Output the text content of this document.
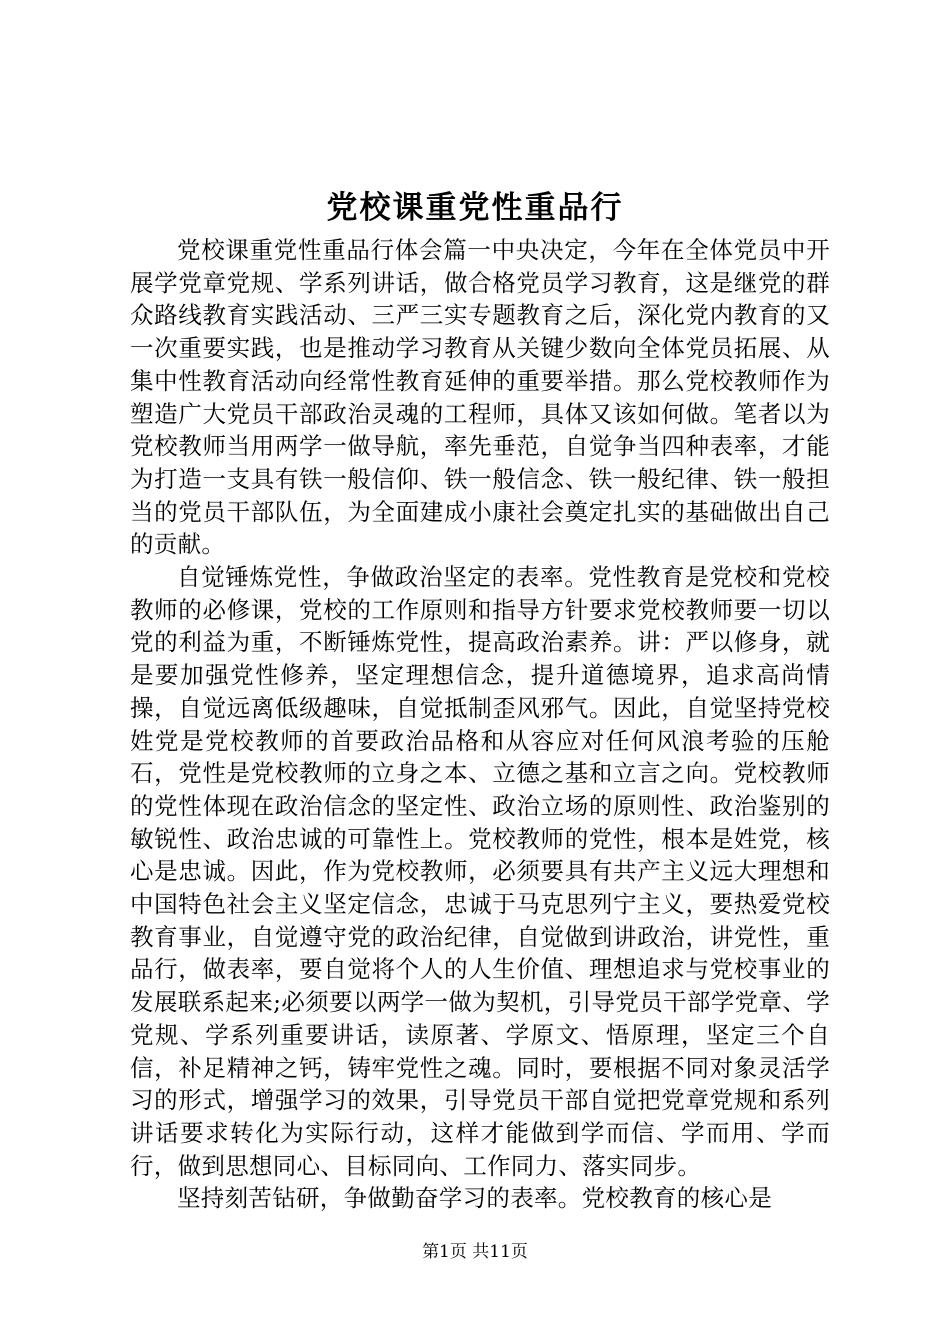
党校课重党性重品行

党校课重党性重品行体会篇一中央决定，今年在全体党员中开展学党章党规、学系列讲话，做合格党员学习教育，这是继党的群众路线教育实践活动、三严三实专题教育之后，深化党内教育的又一次重要实践，也是推动学习教育从关键少数向全体党员拓展、从集中性教育活动向经常性教育延伸的重要举措。那么党校教师作为塑造广大党员干部政治灵魂的工程师，具体又该如何做。笔者以为党校教师当用两学一做导航，率先垂范，自觉争当四种表率，才能为打造一支具有铁一般信仰、铁一般信念、铁一般纪律、铁一般担当的党员干部队伍，为全面建成小康社会奠定扎实的基础做出自己的贡献。

自觉锤炼党性，争做政治坚定的表率。党性教育是党校和党校教师的必修课，党校的工作原则和指导方针要求党校教师要一切以党的利益为重，不断锤炼党性，提高政治素养。讲：严以修身，就是要加强党性修养，坚定理想信念，提升道德境界，追求高尚情操，自觉远离低级趣味，自觉抵制歪风邪气。因此，自觉坚持党校姓党是党校教师的首要政治品格和从容应对任何风浪考验的压舱石，党性是党校教师的立身之本、立德之基和立言之向。党校教师的党性体现在政治信念的坚定性、政治立场的原则性、政治鉴别的敏锐性、政治忠诚的可靠性上。党校教师的党性，根本是姓党，核心是忠诚。因此，作为党校教师，必须要具有共产主义远大理想和中国特色社会主义坚定信念，忠诚于马克思列宁主义，要热爱党校教育事业，自觉遵守党的政治纪律，自觉做到讲政治，讲党性，重品行，做表率，要自觉将个人的人生价值、理想追求与党校事业的发展联系起来;必须要以两学一做为契机，引导党员干部学党章、学党规、学系列重要讲话，读原著、学原文、悟原理，坚定三个自信，补足精神之钙，铸牢党性之魂。同时，要根据不同对象灵活学习的形式，增强学习的效果，引导党员干部自觉把党章党规和系列讲话要求转化为实际行动，这样才能做到学而信、学而用、学而行，做到思想同心、目标同向、工作同力、落实同步。

坚持刻苦钻研，争做勤奋学习的表率。党校教育的核心是

第1页 共11页
